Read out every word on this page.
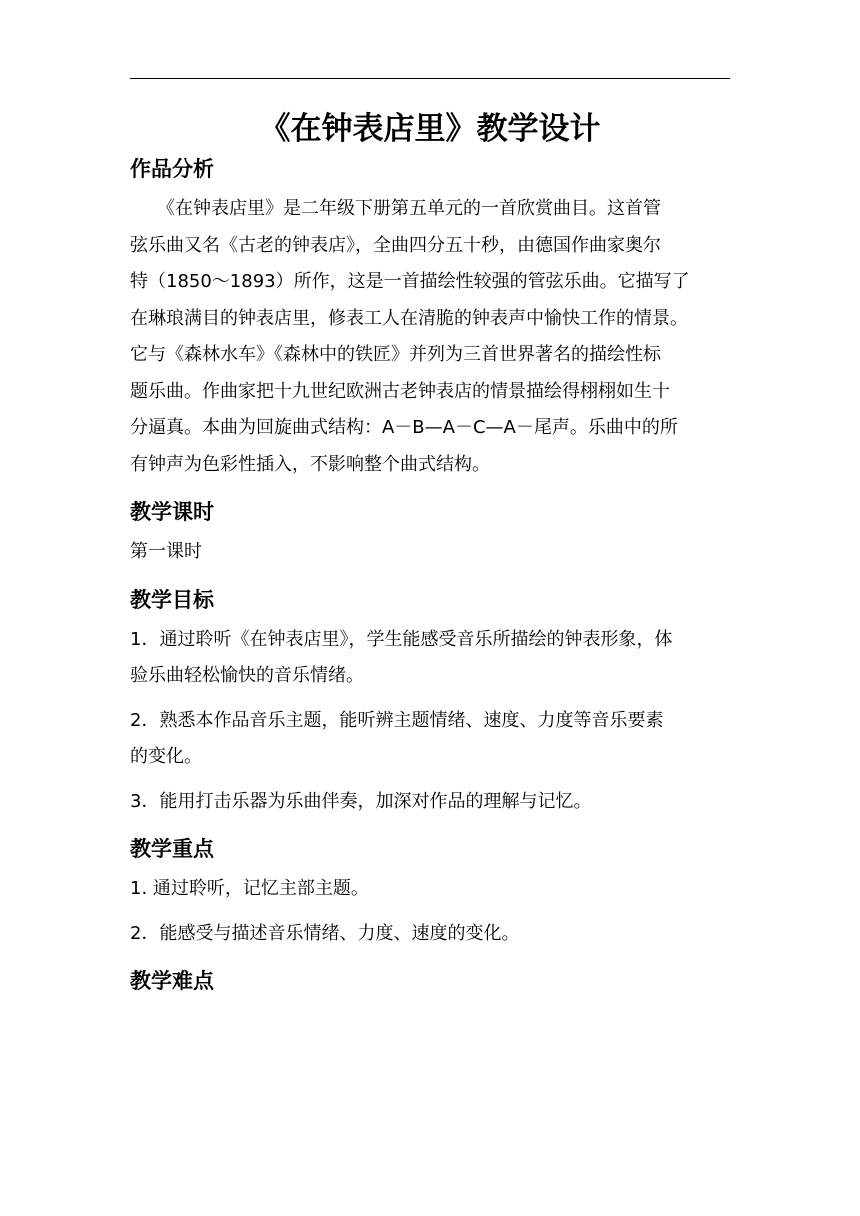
《在钟表店里》教学设计
作品分析
　　《在钟表店里》是二年级下册第五单元的一首欣赏曲目。这首管
弦乐曲又名《古老的钟表店》，全曲四分五十秒，由德国作曲家奥尔
特（1850～1893）所作，这是一首描绘性较强的管弦乐曲。它描写了
在琳琅满目的钟表店里，修表工人在清脆的钟表声中愉快工作的情景。
它与《森林水车》《森林中的铁匠》并列为三首世界著名的描绘性标
题乐曲。作曲家把十九世纪欧洲古老钟表店的情景描绘得栩栩如生十
分逼真。本曲为回旋曲式结构：A－B—A－C—A－尾声。乐曲中的所
有钟声为色彩性插入，不影响整个曲式结构。
教学课时
第一课时
教学目标
1．通过聆听《在钟表店里》，学生能感受音乐所描绘的钟表形象，体
验乐曲轻松愉快的音乐情绪。
2．熟悉本作品音乐主题，能听辨主题情绪、速度、力度等音乐要素
的变化。
3．能用打击乐器为乐曲伴奏，加深对作品的理解与记忆。
教学重点
1. 通过聆听，记忆主部主题。
2．能感受与描述音乐情绪、力度、速度的变化。
教学难点
